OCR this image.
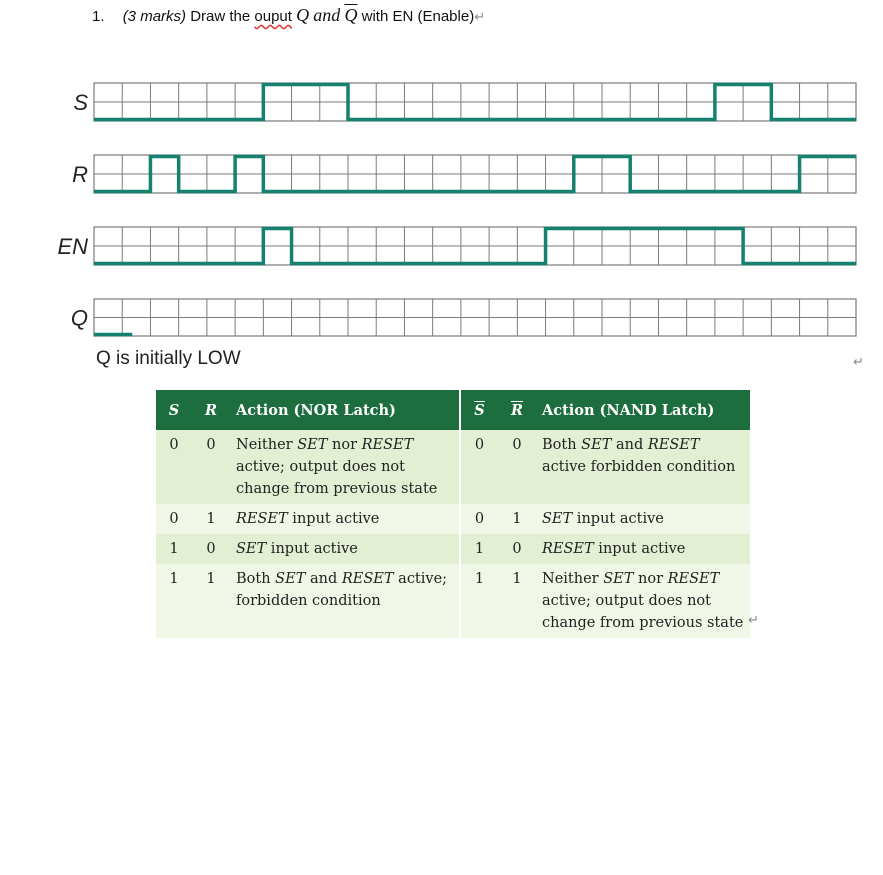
1. (3 marks) Draw the ouput Q and $\overline{Q}$ with EN (Enable)↵
S
R
EN
Q
Q is initially LOW	↵
S	R	Action (NOR Latch)	$\overline{S}$	$\overline{R}$	Action (NAND Latch)
0	0	Neither SET nor RESET active; output does not change from previous state	0	0	Both SET and RESET active forbidden condition
0	1	RESET input active	0	1	SET input active
1	0	SET input active	1	0	RESET input active
1	1	Both SET and RESET active; forbidden condition	1	1	Neither SET nor RESET active; output does not change from previous state ↵
